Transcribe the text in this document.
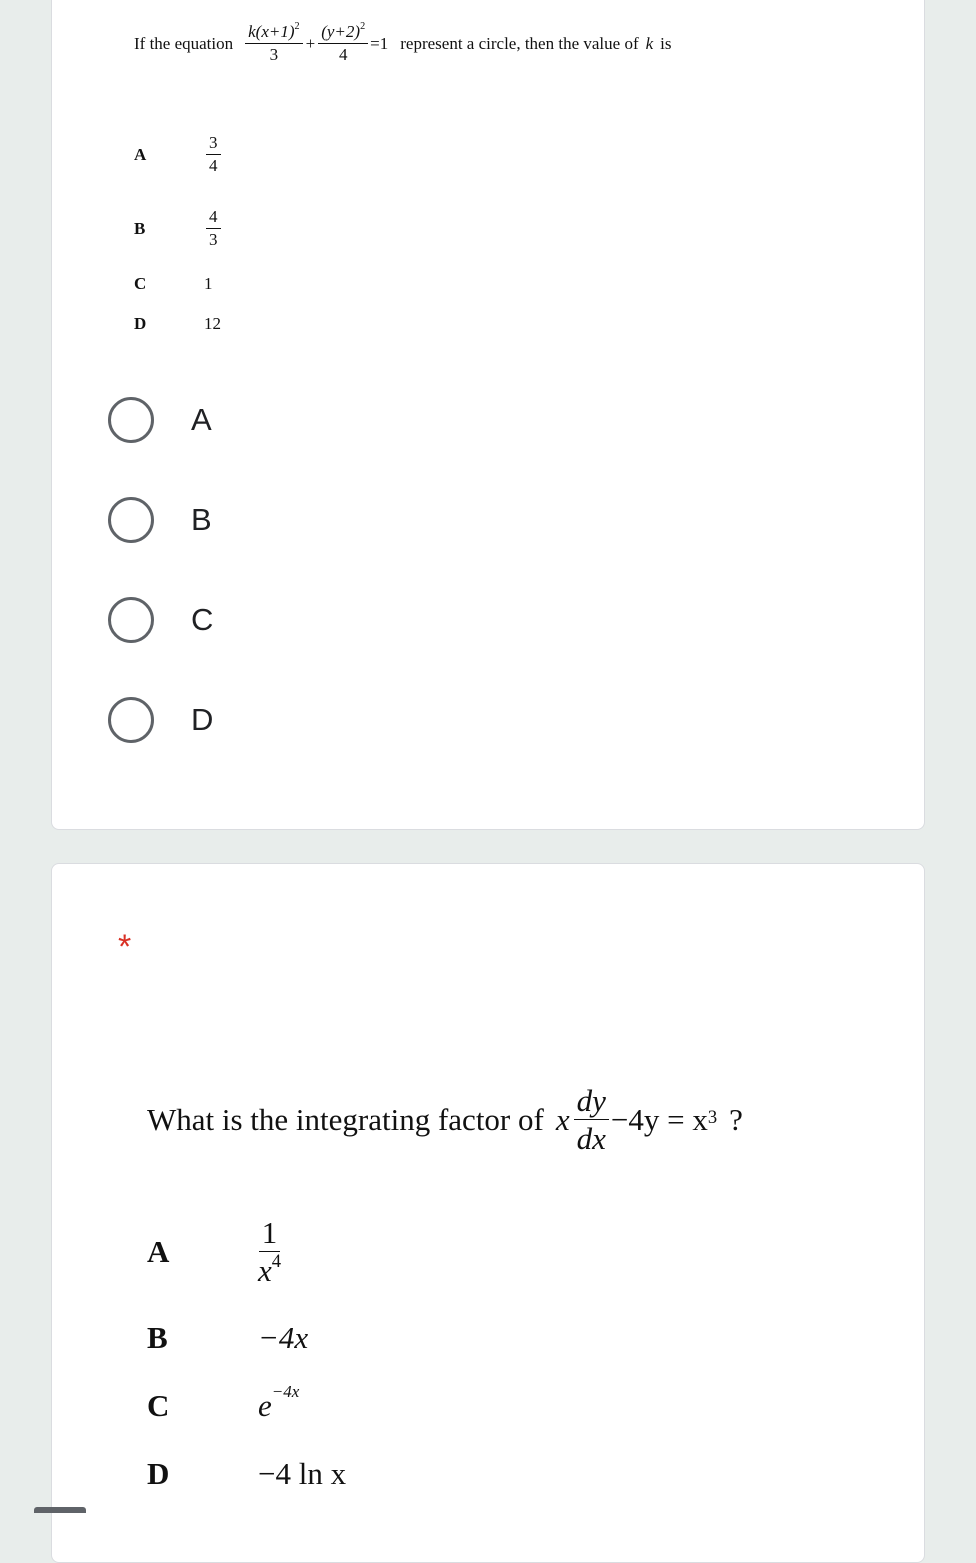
If the equation $\frac{k(x+1)^2}{3} + \frac{(y+2)^2}{4} =1$ represent a circle, then the value of k is
A	$\frac{3}{4}$
B	$\frac{4}{3}$
C	1
D	12
A
B
C
D
*
What is the integrating factor of x $\frac{dy}{dx} -4y = x^3$ ?
A	$\frac{1}{x^4}$
B	−4x
C	$e^{-4x}$
D	−4 ln x
